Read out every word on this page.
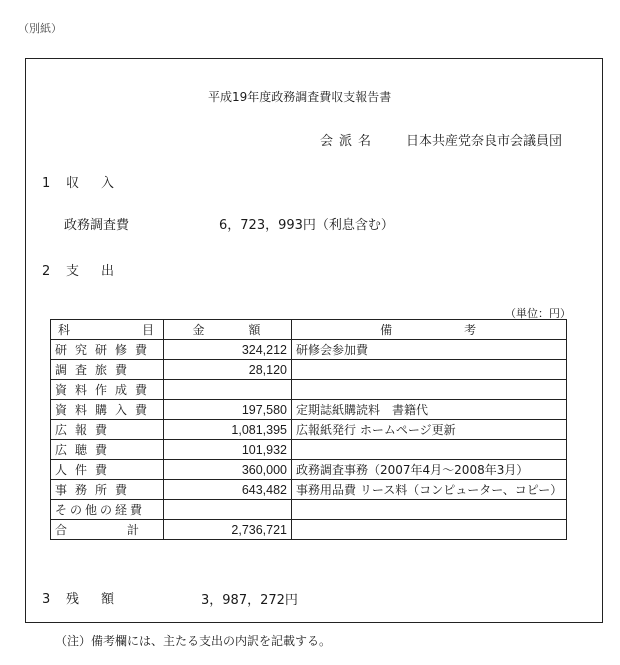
（別紙）
平成19年度政務調査費収支報告書
会派名 日本共産党奈良市会議員団
1 収入
政務調査費	6，723，993円（利息含む）
2 支出
（単位：円）
科　　　　　目	金　　　額	備　　　　　考
研究研修費	324,212	研修会参加費
調査旅費	28,120	
資料作成費		
資料購入費	197,580	定期誌紙購読料　書籍代
広報費	1,081,395	広報紙発行 ホームページ更新
広聴費	101,932	
人件費	360,000	政務調査事務（2007年4月～2008年3月）
事務所費	643,482	事務用品費 リース料（コンピューター、コピー）
その他の経費		
合　　　　　計	2,736,721	
3 残額	3，987，272円
（注）備考欄には、主たる支出の内訳を記載する。
